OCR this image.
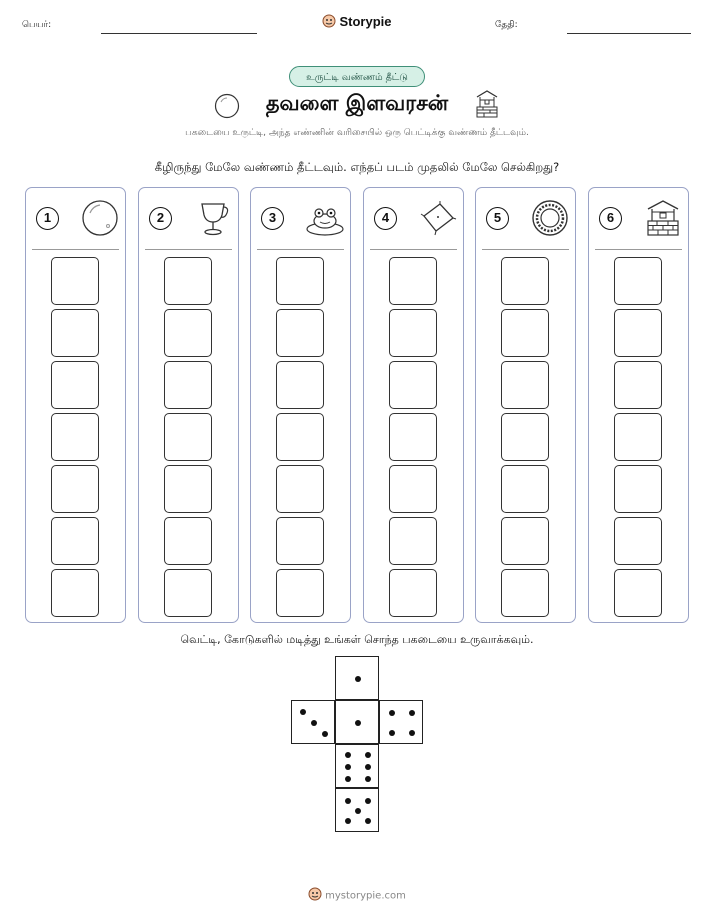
பெயர்:	Storypie	தேதி:
உருட்டி வண்ணம் தீட்டு
தவளை இளவரசன்
பகடையை உருட்டி, அந்த எண்ணின் வரிசையில் ஒரு பெட்டிக்கு வண்ணம் தீட்டவும்.
கீழிருந்து மேலே வண்ணம் தீட்டவும். எந்தப் படம் முதலில் மேலே செல்கிறது?
1	2	3	4	5	6
வெட்டி, கோடுகளில் மடித்து உங்கள் சொந்த பகடையை உருவாக்கவும்.
mystorypie.com
